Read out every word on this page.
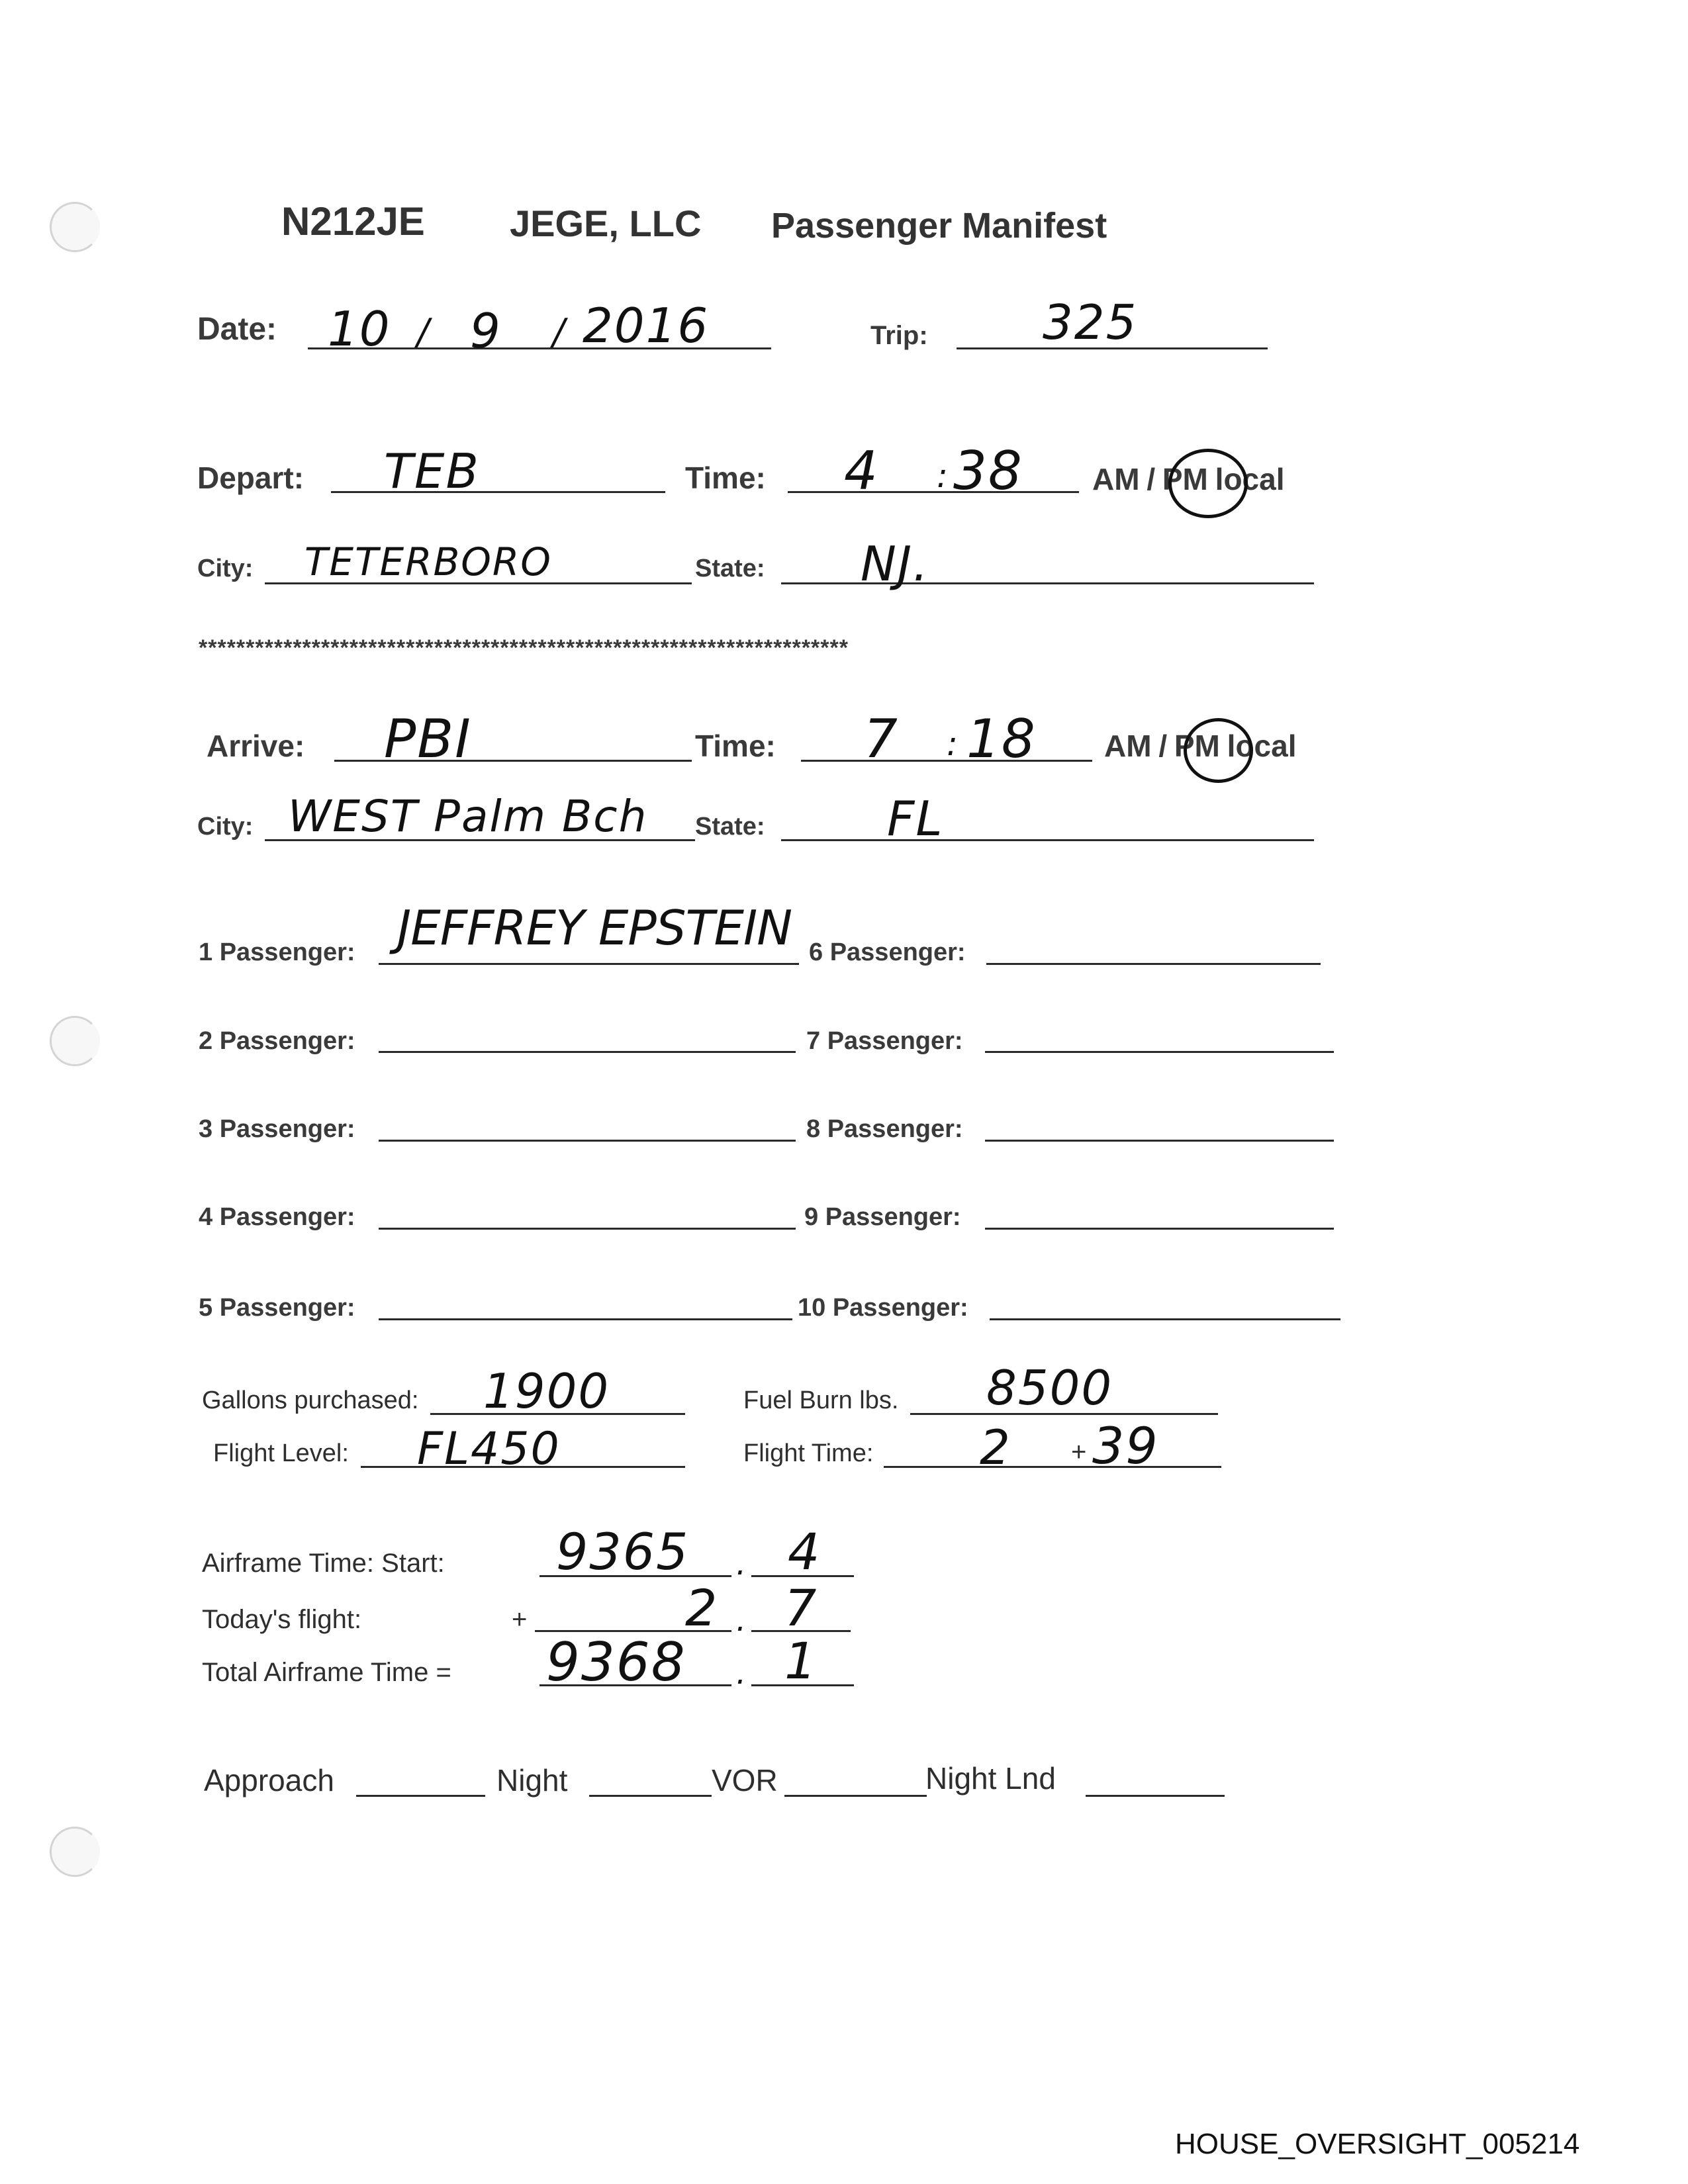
N212JE JEGE, LLC Passenger Manifest
Date: 10 / 9 / 2016	Trip: 325
Depart: TEB	Time: 4 : 38 AM / PM local
City: TETERBORO	State: NJ.
*********************************************************************
Arrive: PBI	Time: 7 : 18 AM / PM local
City: WEST Palm Bch State:	FL
1 Passenger: JEFFREY EPSTEIN
2 Passenger:
3 Passenger:
4 Passenger:
5 Passenger:
6 Passenger:
7 Passenger:
8 Passenger:
9 Passenger:
10 Passenger:
Gallons purchased: 1900	Fuel Burn lbs. 8500
Flight Level: FL450	Flight Time: 2 + 39
Airframe Time: Start: 9365 . 4
Today's flight:	+	2 . 7
Total Airframe Time = 9368 . 1
Approach	Night	VOR	Night Lnd
HOUSE_OVERSIGHT_005214
